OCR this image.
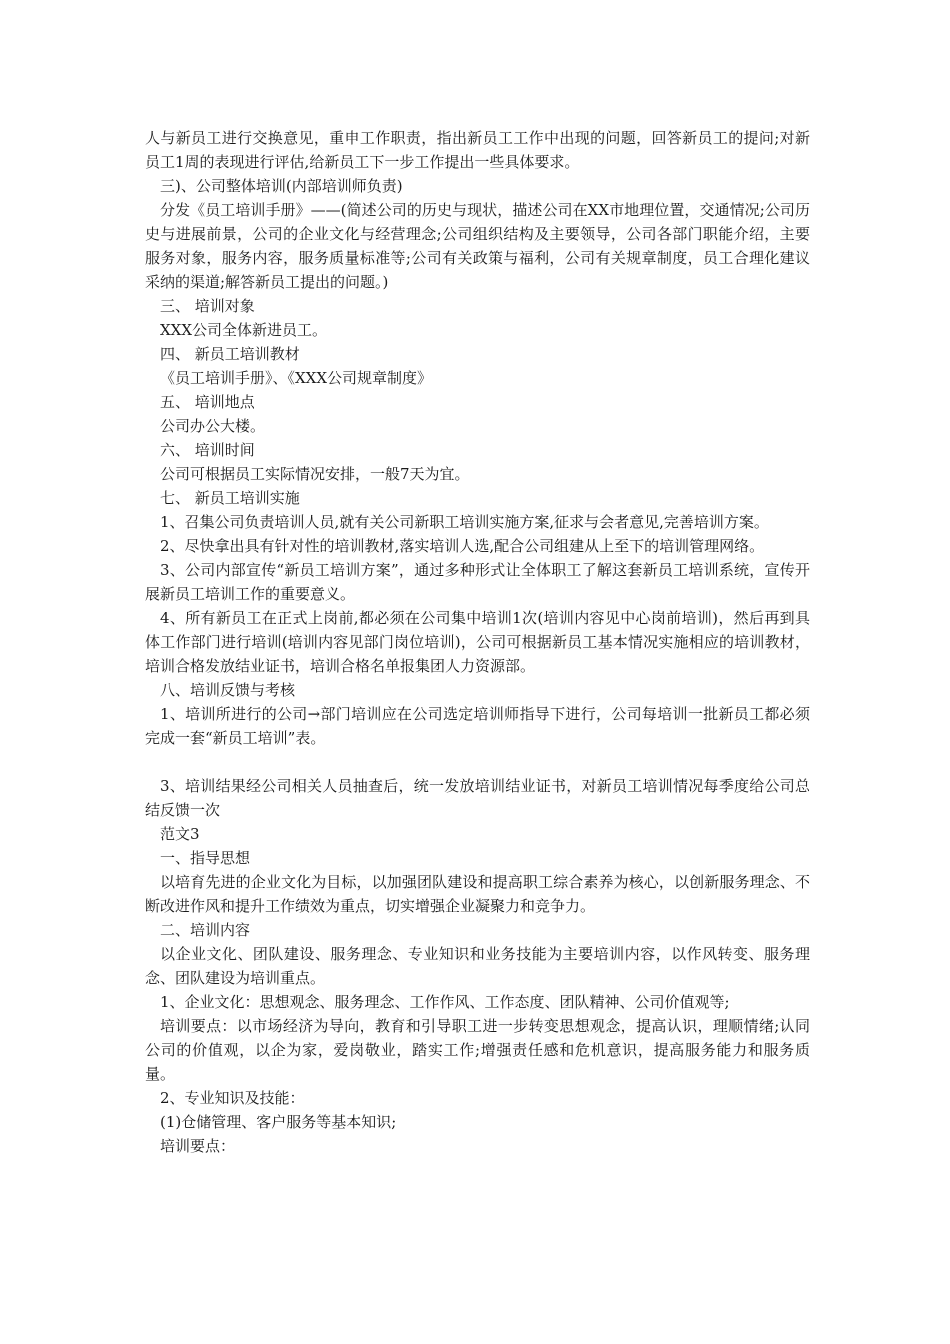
人与新员工进行交换意见，重申工作职责，指出新员工工作中出现的问题，回答新员工的提问;对新员工1周的表现进行评估,给新员工下一步工作提出一些具体要求。

三)、公司整体培训(内部培训师负责)

分发《员工培训手册》——(简述公司的历史与现状，描述公司在XX市地理位置，交通情况;公司历史与进展前景，公司的企业文化与经营理念;公司组织结构及主要领导，公司各部门职能介绍，主要服务对象，服务内容，服务质量标准等;公司有关政策与福利，公司有关规章制度，员工合理化建议采纳的渠道;解答新员工提出的问题。)

三、 培训对象

XXX公司全体新进员工。

四、 新员工培训教材

《员工培训手册》、《XXX公司规章制度》

五、 培训地点

公司办公大楼。

六、 培训时间

公司可根据员工实际情况安排，一般7天为宜。

七、 新员工培训实施

1、召集公司负责培训人员,就有关公司新职工培训实施方案,征求与会者意见,完善培训方案。

2、尽快拿出具有针对性的培训教材,落实培训人选,配合公司组建从上至下的培训管理网络。

3、公司内部宣传“新员工培训方案”，通过多种形式让全体职工了解这套新员工培训系统，宣传开展新员工培训工作的重要意义。

4、所有新员工在正式上岗前,都必须在公司集中培训1次(培训内容见中心岗前培训)，然后再到具体工作部门进行培训(培训内容见部门岗位培训)，公司可根据新员工基本情况实施相应的培训教材，培训合格发放结业证书，培训合格名单报集团人力资源部。

八、培训反馈与考核

1、培训所进行的公司→部门培训应在公司选定培训师指导下进行，公司每培训一批新员工都必须完成一套“新员工培训”表。

3、培训结果经公司相关人员抽查后，统一发放培训结业证书，对新员工培训情况每季度给公司总结反馈一次

范文3

一、指导思想

以培育先进的企业文化为目标，以加强团队建设和提高职工综合素养为核心，以创新服务理念、不断改进作风和提升工作绩效为重点，切实增强企业凝聚力和竞争力。

二、培训内容

以企业文化、团队建设、服务理念、专业知识和业务技能为主要培训内容，以作风转变、服务理念、团队建设为培训重点。

1、企业文化：思想观念、服务理念、工作作风、工作态度、团队精神、公司价值观等;

培训要点：以市场经济为导向，教育和引导职工进一步转变思想观念，提高认识，理顺情绪;认同公司的价值观，以企为家，爱岗敬业，踏实工作;增强责任感和危机意识，提高服务能力和服务质量。

2、专业知识及技能：

(1)仓储管理、客户服务等基本知识;

培训要点：
